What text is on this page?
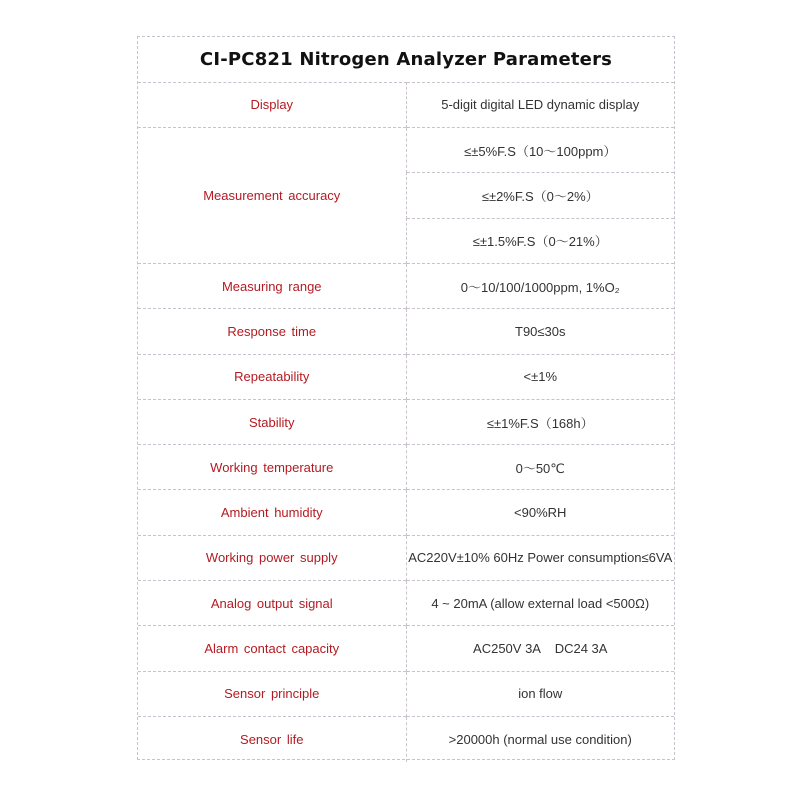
CI-PC821 Nitrogen Analyzer Parameters	
Display	5-digit digital LED dynamic display
Measurement accuracy	≤±5%F.S（10～100ppm）
	≤±2%F.S（0～2%）
	≤±1.5%F.S（0～21%）
Measuring range	0～10/100/1000ppm, 1%O₂
Response time	T90≤30s
Repeatability	<±1%
Stability	≤±1%F.S（168h）
Working temperature	0～50℃
Ambient humidity	<90%RH
Working power supply	AC220V±10% 60Hz Power consumption≤6VA
Analog output signal	4 ~ 20mA (allow external load <500Ω)
Alarm contact capacity	AC250V 3A    DC24 3A
Sensor principle	ion flow
Sensor life	>20000h (normal use condition)
